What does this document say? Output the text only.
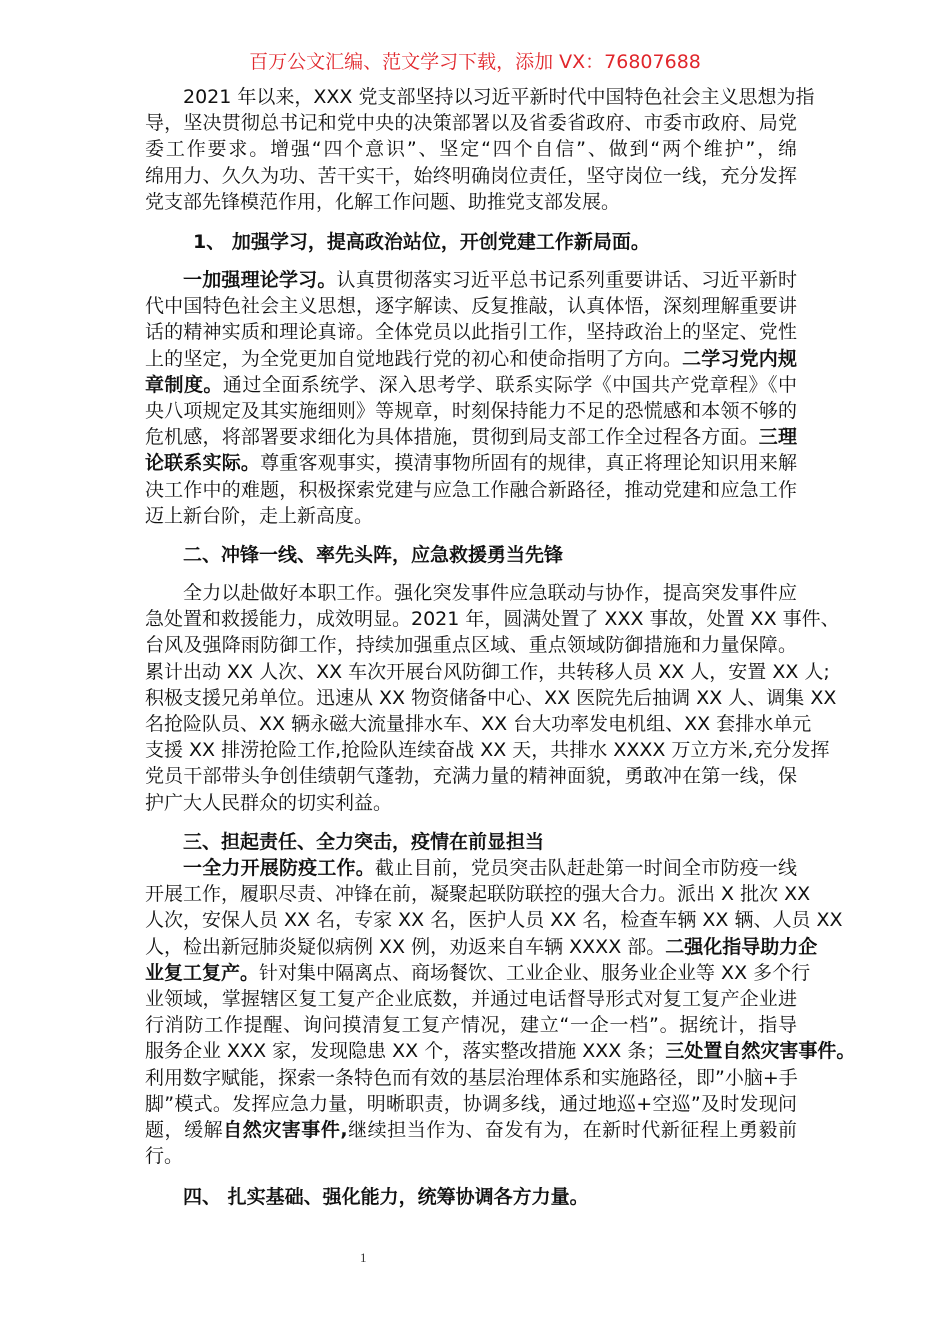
百万公文汇编、范文学习下载，添加 VX：76807688
2021 年以来，XXX 党支部坚持以习近平新时代中国特色社会主义思想为指
导，坚决贯彻总书记和党中央的决策部署以及省委省政府、市委市政府、局党
委工作要求。增强“四个意识”、坚定“四个自信”、做到“两个维护”，绵
绵用力、久久为功、苦干实干，始终明确岗位责任，坚守岗位一线，充分发挥
党支部先锋模范作用，化解工作问题、助推党支部发展。
1、 加强学习，提高政治站位，开创党建工作新局面。
一加强理论学习。认真贯彻落实习近平总书记系列重要讲话、习近平新时
代中国特色社会主义思想，逐字解读、反复推敲，认真体悟，深刻理解重要讲
话的精神实质和理论真谛。全体党员以此指引工作，坚持政治上的坚定、党性
上的坚定，为全党更加自觉地践行党的初心和使命指明了方向。二学习党内规
章制度。通过全面系统学、深入思考学、联系实际学《中国共产党章程》《中
央八项规定及其实施细则》等规章，时刻保持能力不足的恐慌感和本领不够的
危机感，将部署要求细化为具体措施，贯彻到局支部工作全过程各方面。三理
论联系实际。尊重客观事实，摸清事物所固有的规律，真正将理论知识用来解
决工作中的难题，积极探索党建与应急工作融合新路径，推动党建和应急工作
迈上新台阶，走上新高度。
二、冲锋一线、率先头阵，应急救援勇当先锋
全力以赴做好本职工作。强化突发事件应急联动与协作，提高突发事件应
急处置和救援能力，成效明显。2021 年，圆满处置了 XXX 事故，处置 XX 事件、
台风及强降雨防御工作，持续加强重点区域、重点领域防御措施和力量保障。
累计出动 XX 人次、XX 车次开展台风防御工作，共转移人员 XX 人，安置 XX 人;
积极支援兄弟单位。迅速从 XX 物资储备中心、XX 医院先后抽调 XX 人、调集 XX
名抢险队员、XX 辆永磁大流量排水车、XX 台大功率发电机组、XX 套排水单元
支援 XX 排涝抢险工作,抢险队连续奋战 XX 天，共排水 XXXX 万立方米,充分发挥
党员干部带头争创佳绩朝气蓬勃，充满力量的精神面貌，勇敢冲在第一线，保
护广大人民群众的切实利益。
三、担起责任、全力突击，疫情在前显担当
一全力开展防疫工作。截止目前，党员突击队赶赴第一时间全市防疫一线
开展工作，履职尽责、冲锋在前，凝聚起联防联控的强大合力。派出 X 批次 XX
人次，安保人员 XX 名，专家 XX 名，医护人员 XX 名，检查车辆 XX 辆、人员 XX
人，检出新冠肺炎疑似病例 XX 例，劝返来自车辆 XXXX 部。二强化指导助力企
业复工复产。针对集中隔离点、商场餐饮、工业企业、服务业企业等 XX 多个行
业领域，掌握辖区复工复产企业底数，并通过电话督导形式对复工复产企业进
行消防工作提醒、询问摸清复工复产情况，建立“一企一档”。据统计，指导
服务企业 XXX 家，发现隐患 XX 个，落实整改措施 XXX 条；三处置自然灾害事件。
利用数字赋能，探索一条特色而有效的基层治理体系和实施路径，即”小脑+手
脚”模式。发挥应急力量，明晰职责，协调多线，通过地巡+空巡”及时发现问
题，缓解自然灾害事件,继续担当作为、奋发有为，在新时代新征程上勇毅前
行。
四、 扎实基础、强化能力，统筹协调各方力量。
1
